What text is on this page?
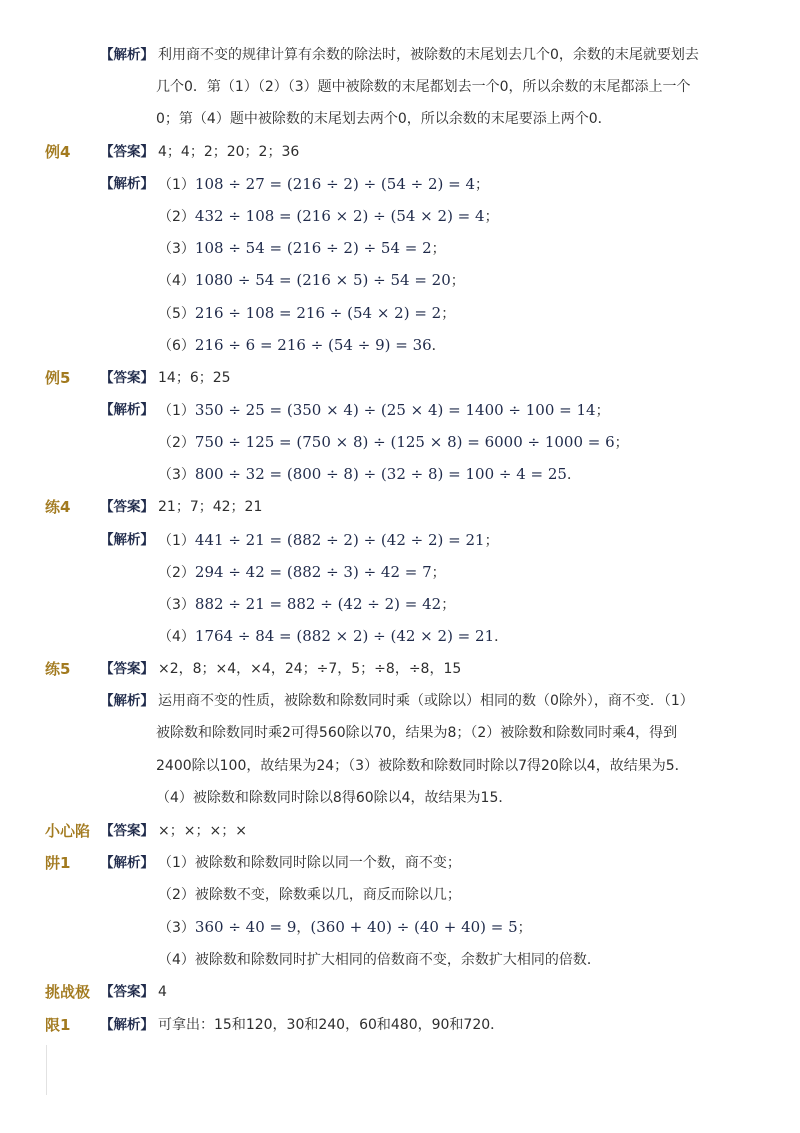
【解析】 利用商不变的规律计算有余数的除法时，被除数的末尾划去几个0，余数的末尾就要划去
几个0．第（1）（2）（3）题中被除数的末尾都划去一个0，所以余数的末尾都添上一个
0；第（4）题中被除数的末尾划去两个0，所以余数的末尾要添上两个0．
例4 【答案】 4；4；2；20；2；36
【解析】 （1）108 ÷ 27 = (216 ÷ 2) ÷ (54 ÷ 2) = 4；
（2）432 ÷ 108 = (216 × 2) ÷ (54 × 2) = 4；
（3）108 ÷ 54 = (216 ÷ 2) ÷ 54 = 2；
（4）1080 ÷ 54 = (216 × 5) ÷ 54 = 20；
（5）216 ÷ 108 = 216 ÷ (54 × 2) = 2；
（6）216 ÷ 6 = 216 ÷ (54 ÷ 9) = 36．
例5 【答案】 14；6；25
【解析】 （1）350 ÷ 25 = (350 × 4) ÷ (25 × 4) = 1400 ÷ 100 = 14；
（2）750 ÷ 125 = (750 × 8) ÷ (125 × 8) = 6000 ÷ 1000 = 6；
（3）800 ÷ 32 = (800 ÷ 8) ÷ (32 ÷ 8) = 100 ÷ 4 = 25．
练4 【答案】 21；7；42；21
【解析】 （1）441 ÷ 21 = (882 ÷ 2) ÷ (42 ÷ 2) = 21；
（2）294 ÷ 42 = (882 ÷ 3) ÷ 42 = 7；
（3）882 ÷ 21 = 882 ÷ (42 ÷ 2) = 42；
（4）1764 ÷ 84 = (882 × 2) ÷ (42 × 2) = 21．
练5 【答案】 ×2，8；×4，×4，24；÷7，5；÷8，÷8，15
【解析】 运用商不变的性质，被除数和除数同时乘（或除以）相同的数（0除外），商不变．（1）
被除数和除数同时乘2可得560除以70，结果为8；（2）被除数和除数同时乘4，得到
2400除以100，故结果为24；（3）被除数和除数同时除以7得20除以4，故结果为5．
（4）被除数和除数同时除以8得60除以4，故结果为15．
小心陷 【答案】 ×；×；×；×
阱1 【解析】 （1）被除数和除数同时除以同一个数，商不变；
（2）被除数不变，除数乘以几，商反而除以几；
（3）360 ÷ 40 = 9，(360 + 40) ÷ (40 + 40) = 5；
（4）被除数和除数同时扩大相同的倍数商不变，余数扩大相同的倍数．
挑战极 【答案】 4
限1 【解析】 可拿出：15和120，30和240，60和480，90和720．
